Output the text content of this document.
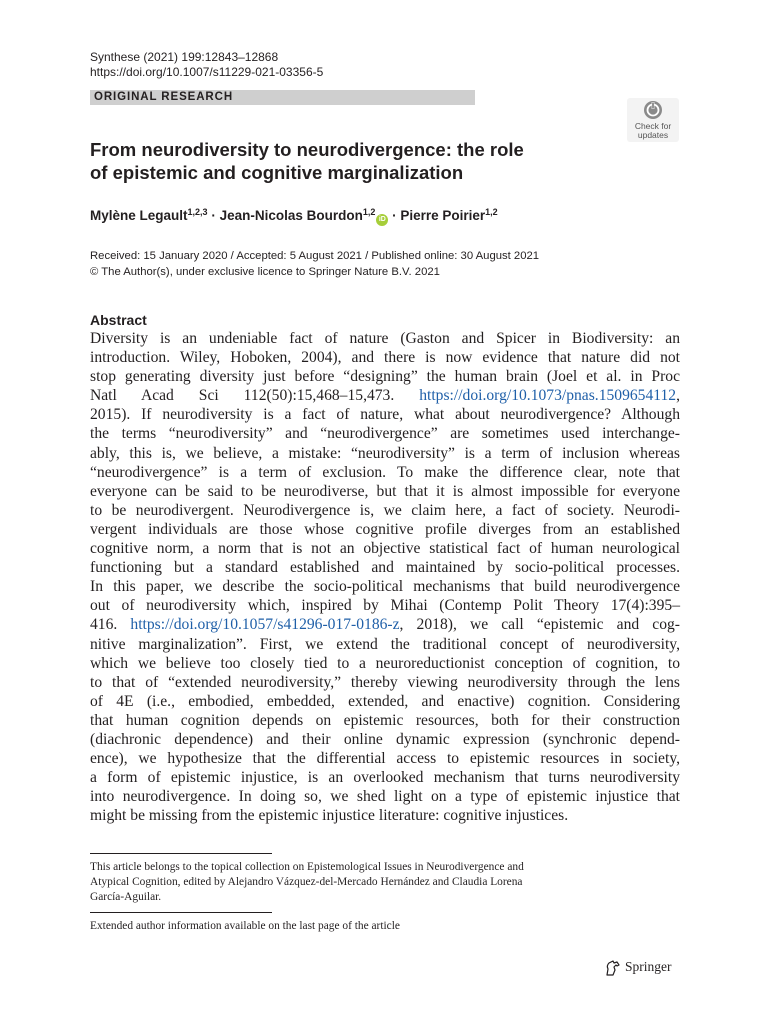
Synthese (2021) 199:12843–12868
https://doi.org/10.1007/s11229-021-03356-5
ORIGINAL RESEARCH
Check for
updates
From neurodiversity to neurodivergence: the role
of epistemic and cognitive marginalization
Mylène Legault$^{1,2,3}$ · Jean-Nicolas Bourdon$^{1,2}$iD · Pierre Poirier$^{1,2}$
Received: 15 January 2020 / Accepted: 5 August 2021 / Published online: 30 August 2021
© The Author(s), under exclusive licence to Springer Nature B.V. 2021
Abstract
Diversity is an undeniable fact of nature (Gaston and Spicer in Biodiversity: an
introduction. Wiley, Hoboken, 2004), and there is now evidence that nature did not
stop generating diversity just before “designing” the human brain (Joel et al. in Proc
Natl Acad Sci 112(50):15,468–15,473. https://doi.org/10.1073/pnas.1509654112,
2015). If neurodiversity is a fact of nature, what about neurodivergence? Although
the terms “neurodiversity” and “neurodivergence” are sometimes used interchange-
ably, this is, we believe, a mistake: “neurodiversity” is a term of inclusion whereas
“neurodivergence” is a term of exclusion. To make the difference clear, note that
everyone can be said to be neurodiverse, but that it is almost impossible for everyone
to be neurodivergent. Neurodivergence is, we claim here, a fact of society. Neurodi-
vergent individuals are those whose cognitive profile diverges from an established
cognitive norm, a norm that is not an objective statistical fact of human neurological
functioning but a standard established and maintained by socio-political processes.
In this paper, we describe the socio-political mechanisms that build neurodivergence
out of neurodiversity which, inspired by Mihai (Contemp Polit Theory 17(4):395–
416. https://doi.org/10.1057/s41296-017-0186-z, 2018), we call “epistemic and cog-
nitive marginalization”. First, we extend the traditional concept of neurodiversity,
which we believe too closely tied to a neuroreductionist conception of cognition, to
to that of “extended neurodiversity,” thereby viewing neurodiversity through the lens
of 4E (i.e., embodied, embedded, extended, and enactive) cognition. Considering
that human cognition depends on epistemic resources, both for their construction
(diachronic dependence) and their online dynamic expression (synchronic depend-
ence), we hypothesize that the differential access to epistemic resources in society,
a form of epistemic injustice, is an overlooked mechanism that turns neurodiversity
into neurodivergence. In doing so, we shed light on a type of epistemic injustice that
might be missing from the epistemic injustice literature: cognitive injustices.
This article belongs to the topical collection on Epistemological Issues in Neurodivergence and
Atypical Cognition, edited by Alejandro Vázquez-del-Mercado Hernández and Claudia Lorena
García-Aguilar.
Extended author information available on the last page of the article
Springer
